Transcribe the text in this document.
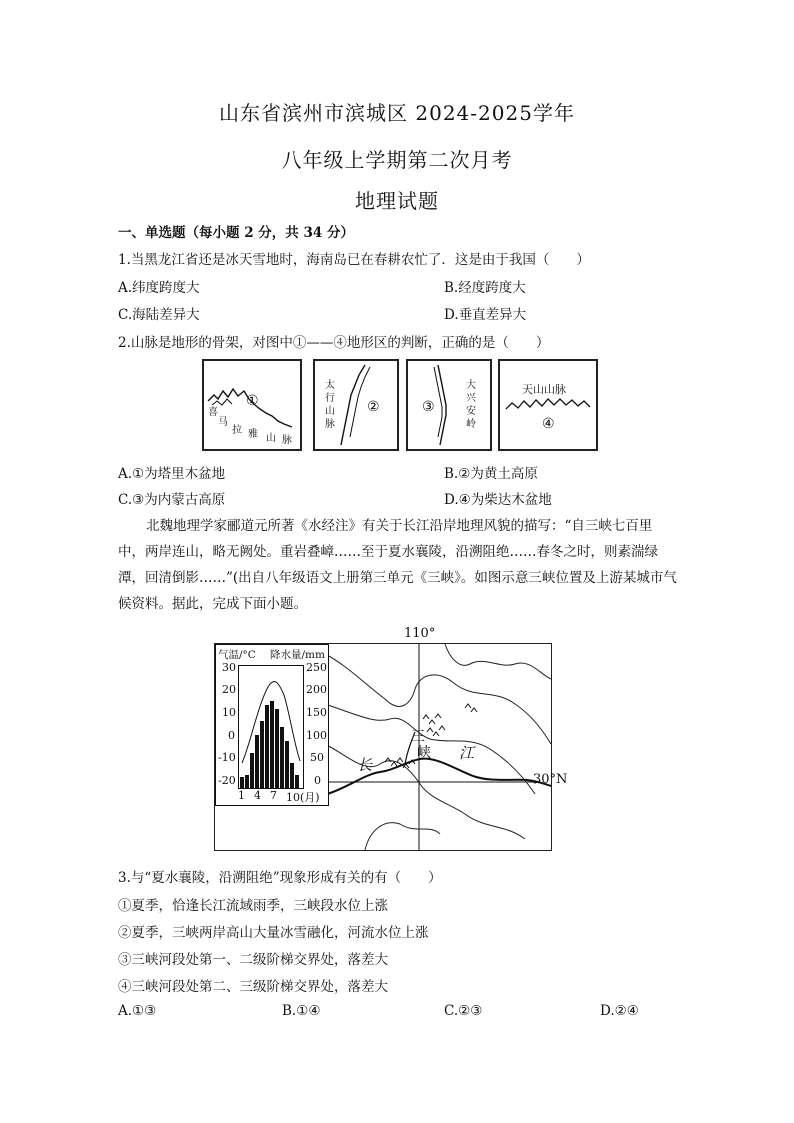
山东省滨州市滨城区 2024-2025学年
八年级上学期第二次月考
地理试题
一、单选题（每小题 2 分，共 34 分）
1.当黑龙江省还是冰天雪地时，海南岛已在春耕农忙了．这是由于我国（　　）
A.纬度跨度大	B.经度跨度大
C.海陆差异大	D.垂直差异大
2.山脉是地形的骨架，对图中①——④地形区的判断，正确的是（　　）
①
喜
马
拉 雅 山 脉
太
行
山
脉
②	③
大
兴
安
岭
天山山脉
④
A.①为塔里木盆地	B.②为黄土高原
C.③为内蒙古高原	D.④为柴达木盆地
北魏地理学家郦道元所著《水经注》有关于长江沿岸地理风貌的描写：“自三峡七百里中，两岸连山，略无阙处。重岩叠嶂……至于夏水襄陵，沿溯阻绝……春冬之时，则素湍绿潭，回清倒影……”(出自八年级语文上册第三单元《三峡》。如图示意三峡位置及上游某城市气候资料。据此，完成下面小题。
110°
长
江
三
峡
30°N
气温/°C 降水量/mm
30
20
10
0
-10
-20
250
200
150
100
50
0
1 4 7 10(月)
3.与“夏水襄陵，沿溯阻绝”现象形成有关的有（　　）
①夏季，恰逢长江流域雨季，三峡段水位上涨
②夏季，三峡两岸高山大量冰雪融化，河流水位上涨
③三峡河段处第一、二级阶梯交界处，落差大
④三峡河段处第二、三级阶梯交界处，落差大
A.①③	B.①④	C.②③	D.②④
